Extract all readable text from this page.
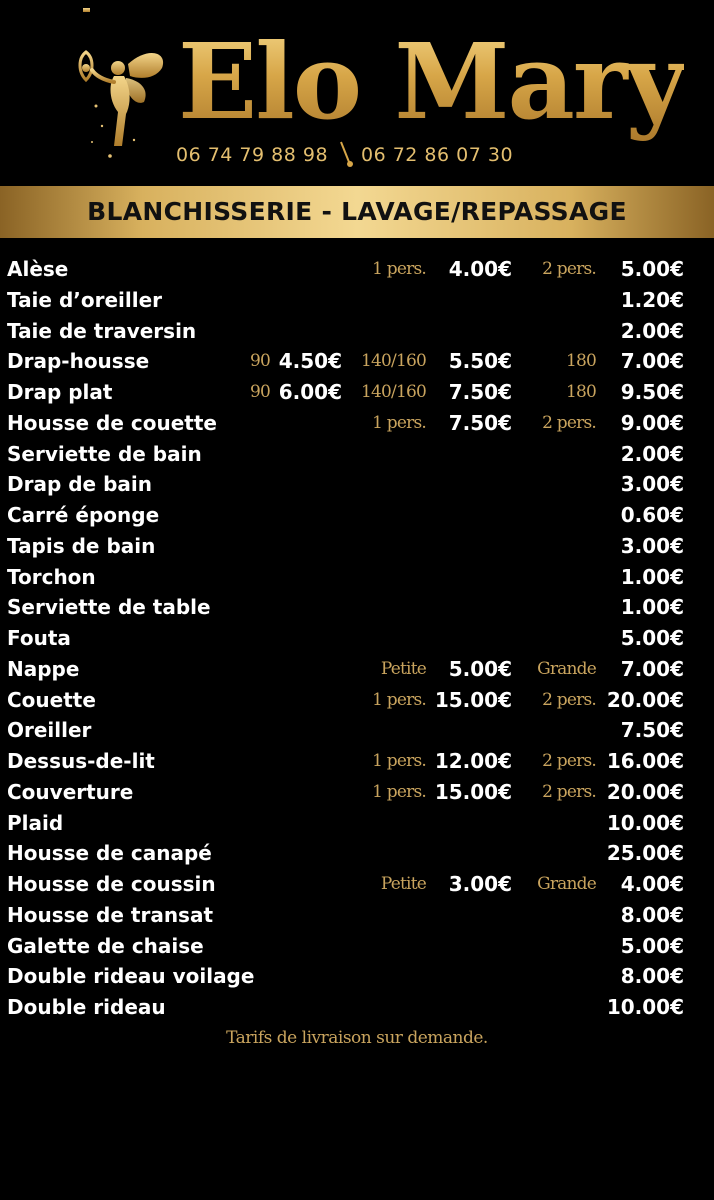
Elo Mary
06 74 79 88 98 06 72 86 07 30
BLANCHISSERIE - LAVAGE/REPASSAGE
Alèse	1 pers. 4.00€ 2 pers. 5.00€
Taie d’oreiller	1.20€
Taie de traversin	2.00€
Drap-housse	90 4.50€ 140/160 5.50€	180 7.00€
Drap plat	90 6.00€ 140/160 7.50€	180 9.50€
Housse de couette	1 pers. 7.50€ 2 pers. 9.00€
Serviette de bain	2.00€
Drap de bain	3.00€
Carré éponge	0.60€
Tapis de bain	3.00€
Torchon	1.00€
Serviette de table	1.00€
Fouta	5.00€
Nappe	Petite 5.00€ Grande 7.00€
Couette	1 pers. 15.00€ 2 pers. 20.00€
Oreiller	7.50€
Dessus-de-lit	1 pers. 12.00€ 2 pers. 16.00€
Couverture	1 pers. 15.00€ 2 pers. 20.00€
Plaid	10.00€
Housse de canapé	25.00€
Housse de coussin	Petite 3.00€ Grande 4.00€
Housse de transat	8.00€
Galette de chaise	5.00€
Double rideau voilage	8.00€
Double rideau	10.00€
Tarifs de livraison sur demande.
